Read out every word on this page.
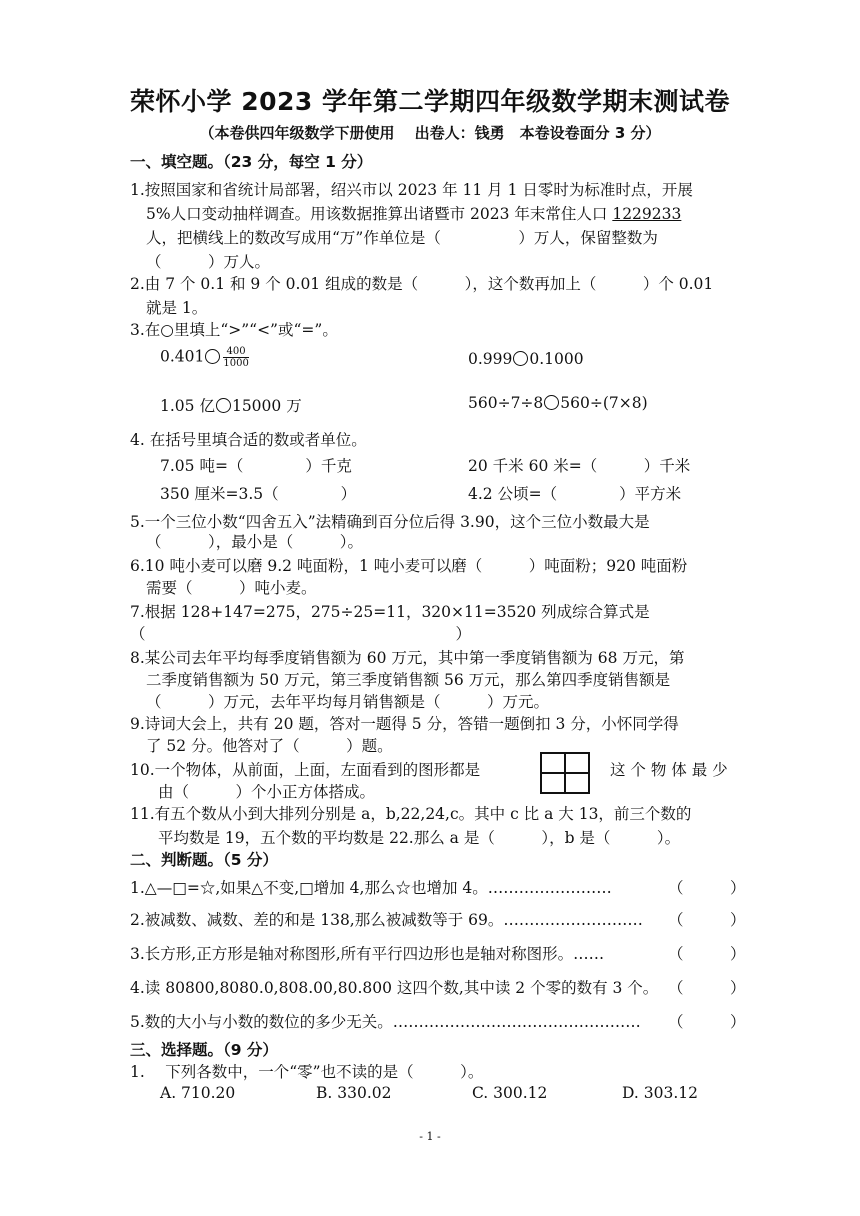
荣怀小学 2023 学年第二学期四年级数学期末测试卷
（本卷供四年级数学下册使用　 出卷人：钱勇　本卷设卷面分 3 分）
一、填空题。（23 分，每空 1 分）
1.按照国家和省统计局部署，绍兴市以 2023 年 11 月 1 日零时为标准时点，开展
5%人口变动抽样调查。用该数据推算出诸暨市 2023 年末常住人口 1229233
人，把横线上的数改写成用“万”作单位是（　　　　　）万人，保留整数为
（　　　）万人。
2.由 7 个 0.1 和 9 个 0.01 组成的数是（　　　），这个数再加上（　　　）个 0.01
就是 1。
3.在○里填上“>”“<”或“=”。
$0.401 \frac{400}{1000}$	0.999 0.1000
1.05 亿 15000 万	560÷7÷8 560÷(7×8)
4. 在括号里填合适的数或者单位。
7.05 吨=（　　　　）千克	20 千米 60 米=（　　　）千米
350 厘米=3.5（　　　　）	4.2 公顷=（　　　　）平方米
5.一个三位小数“四舍五入”法精确到百分位后得 3.90，这个三位小数最大是
（　　　），最小是（　　　）。
6.10 吨小麦可以磨 9.2 吨面粉，1 吨小麦可以磨（　　　）吨面粉；920 吨面粉
需要（　　　）吨小麦。
7.根据 128+147=275，275÷25=11，320×11=3520 列成综合算式是
（　　　　　　　　　　　　　　　　　　　　）
8.某公司去年平均每季度销售额为 60 万元，其中第一季度销售额为 68 万元，第
二季度销售额为 50 万元，第三季度销售额 56 万元，那么第四季度销售额是
（　　　）万元，去年平均每月销售额是（　　　）万元。
9.诗词大会上，共有 20 题，答对一题得 5 分，答错一题倒扣 3 分，小怀同学得
了 52 分。他答对了（　　　）题。
10.一个物体，从前面，上面，左面看到的图形都是	这 个 物 体 最 少
由（　　　）个小正方体搭成。
11.有五个数从小到大排列分别是 a，b,22,24,c。其中 c 比 a 大 13，前三个数的
平均数是 19，五个数的平均数是 22.那么 a 是（　　　），b 是（　　　）。
二、判断题。（5 分）
1.△—□=☆,如果△不变,□增加 4,那么☆也增加 4。……………………	（　　　）
2.被减数、减数、差的和是 138,那么被减数等于 69。……………………… （　　　）
3.长方形,正方形是轴对称图形,所有平行四边形也是轴对称图形。……	（　　　）
4.读 80800,8080.0,808.00,80.800 这四个数,其中读 2 个零的数有 3 个。 （　　　）
5.数的大小与小数的数位的多少无关。………………………………………… （　　　）
三、选择题。（9 分）
1.　 下列各数中，一个“零”也不读的是（　　　）。
A. 710.20	B. 330.02	C. 300.12	D. 303.12
- 1 -
